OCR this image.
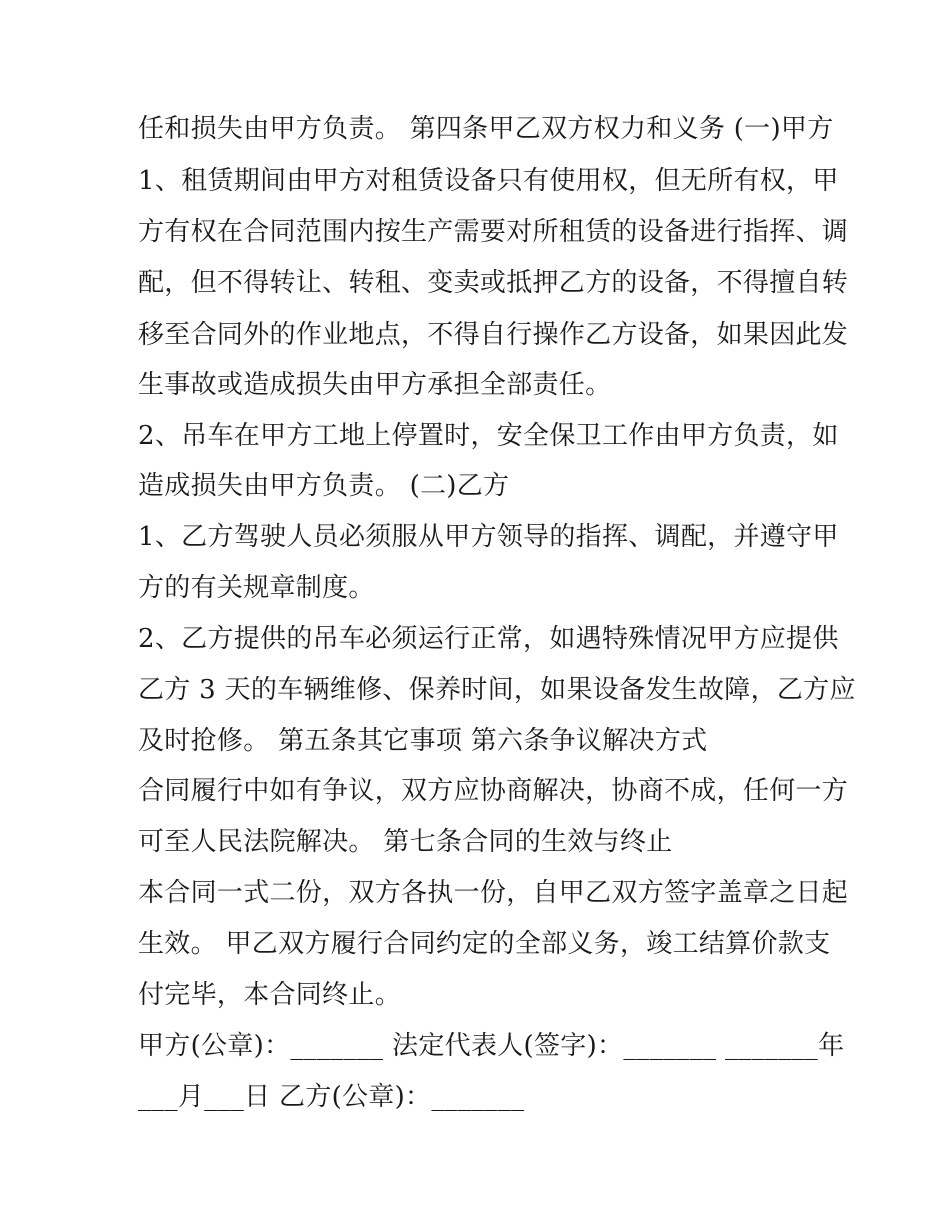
任和损失由甲方负责。 第四条甲乙双方权力和义务 (一)甲方
1、租赁期间由甲方对租赁设备只有使用权，但无所有权，甲
方有权在合同范围内按生产需要对所租赁的设备进行指挥、调
配，但不得转让、转租、变卖或抵押乙方的设备，不得擅自转
移至合同外的作业地点，不得自行操作乙方设备，如果因此发
生事故或造成损失由甲方承担全部责任。
2、吊车在甲方工地上停置时，安全保卫工作由甲方负责，如
造成损失由甲方负责。 (二)乙方
1、乙方驾驶人员必须服从甲方领导的指挥、调配，并遵守甲
方的有关规章制度。
2、乙方提供的吊车必须运行正常，如遇特殊情况甲方应提供
乙方 3 天的车辆维修、保养时间，如果设备发生故障，乙方应
及时抢修。 第五条其它事项 第六条争议解决方式
合同履行中如有争议，双方应协商解决，协商不成，任何一方
可至人民法院解决。 第七条合同的生效与终止
本合同一式二份，双方各执一份，自甲乙双方签字盖章之日起
生效。 甲乙双方履行合同约定的全部义务，竣工结算价款支
付完毕，本合同终止。
甲方(公章)：_______ 法定代表人(签字)：_______ _______年
___月___日 乙方(公章)：_______
